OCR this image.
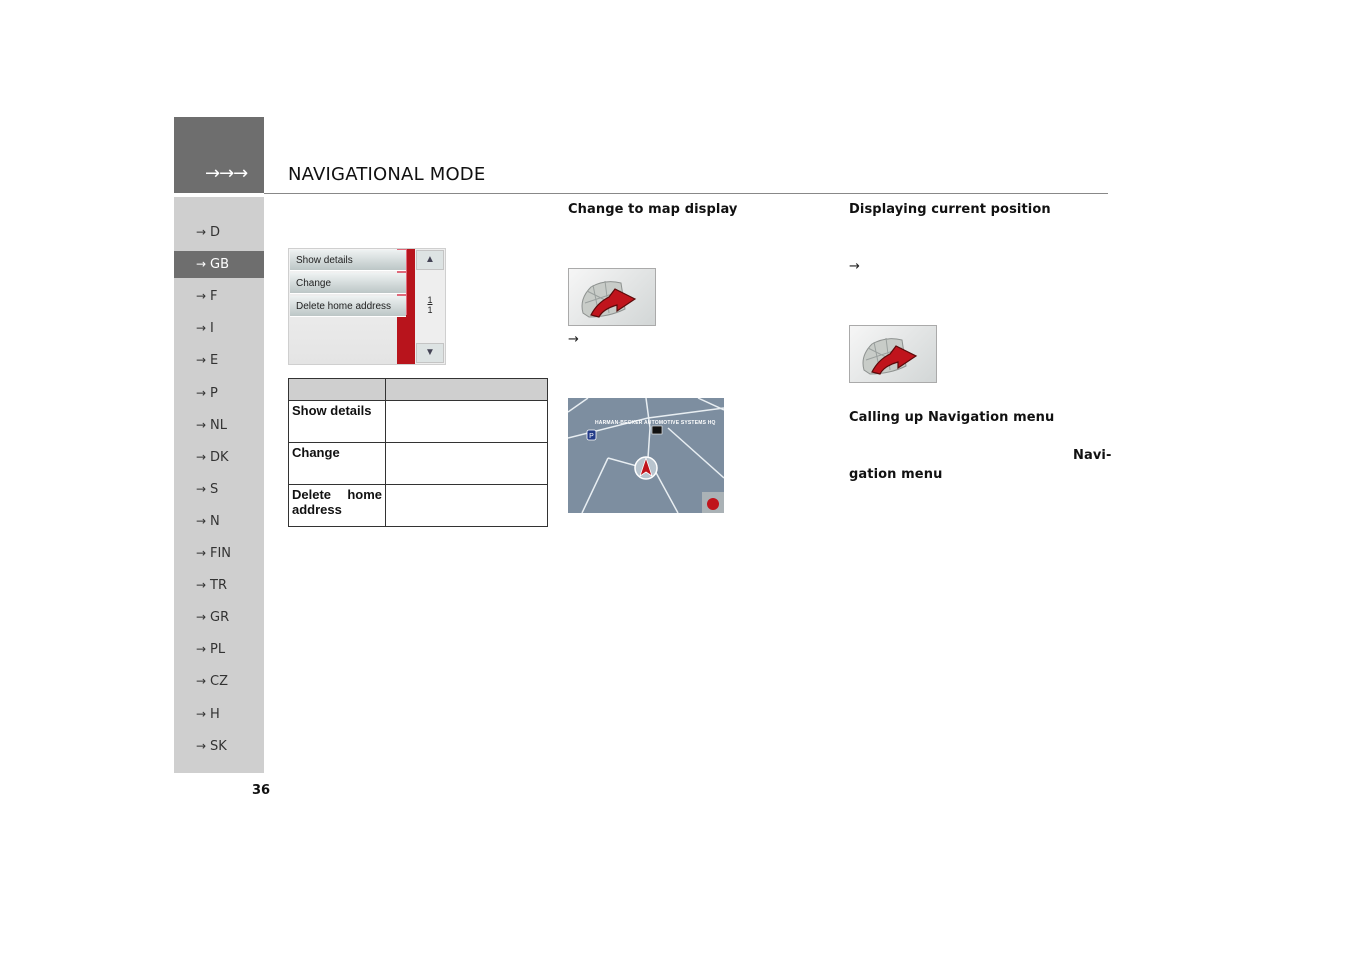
→→→ NAVIGATIONAL MODE
→ D
→ GB
→ F
→ I
→ E
→ P
→ NL
→ DK
→ S
→ N
→ FIN
→ TR
→ GR
→ PL
→ CZ
→ H
→ SK
36
Show details
Change
Delete home address
▲
1
1
▼

Show details	
Change	

Delete home
address	

Change to map display
→
P
HARMAN-BECKER AUTOMOTIVE SYSTEMS HQ
Displaying current position
→
Calling up Navigation menu
Navi-
gation menu
